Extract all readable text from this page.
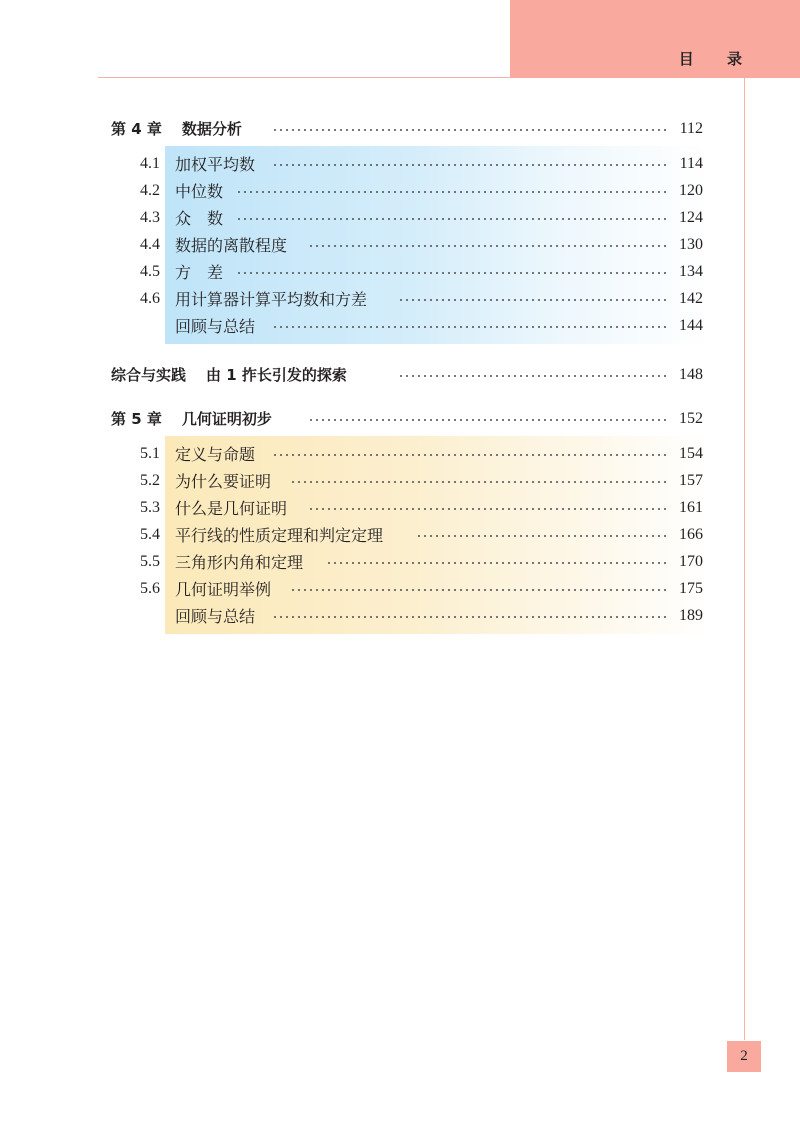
目 录
第 4 章 数据分析	112
4.1 加权平均数	114
4.2 中位数	120
4.3 众　数	124
4.4 数据的离散程度	130
4.5 方　差	134
4.6 用计算器计算平均数和方差	142
回顾与总结	144
综合与实践 由 1 拃长引发的探索	148
第 5 章 几何证明初步	152
5.1 定义与命题	154
5.2 为什么要证明	157
5.3 什么是几何证明	161
5.4 平行线的性质定理和判定定理	166
5.5 三角形内角和定理	170
5.6 几何证明举例	175
回顾与总结	189
2
